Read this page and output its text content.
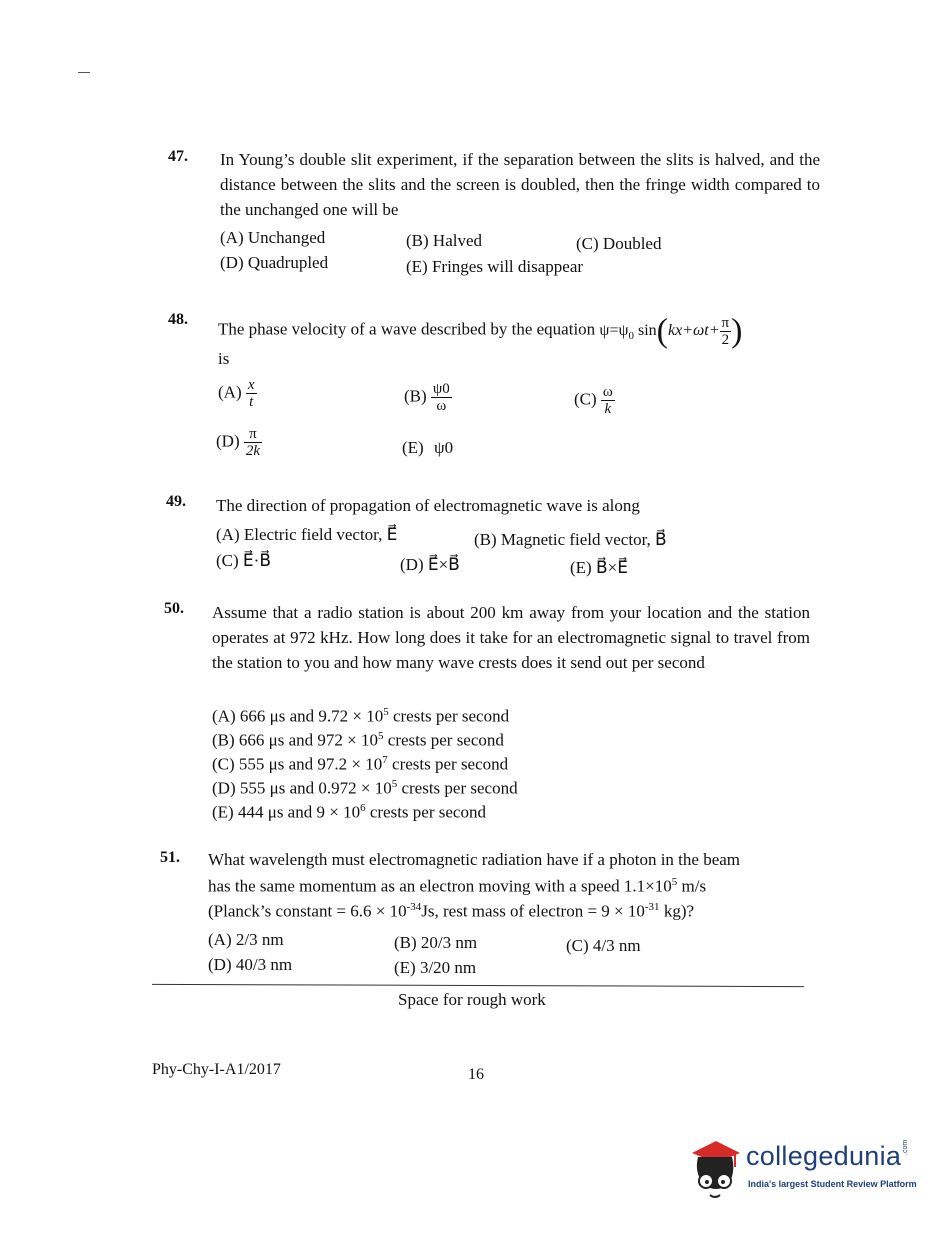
47. In Young’s double slit experiment, if the separation between the slits is halved, and the distance between the slits and the screen is doubled, then the fringe width compared to the unchanged one will be
(A) Unchanged	(B) Halved	(C) Doubled
(D) Quadrupled	(E) Fringes will disappear
48.
The phase velocity of a wave described by the equation $\psi=\psi_0$ $\sin(kx+\omega t+ \frac{\pi}{2}$ )
is
$(A) \frac{x}{t}$	$(B) \frac{\psi 0}{\omega}$	$(C) \frac{\omega}{k}$
$(D) \frac{\pi}{2k}$	(E) ψ0
49. The direction of propagation of electromagnetic wave is along
(A) Electric field vector, E⃗	(B) Magnetic field vector, B⃗
(C) E⃗·B⃗	(D) E⃗×B⃗	(E) B⃗×E⃗
50. Assume that a radio station is about 200 km away from your location and the station operates at 972 kHz. How long does it take for an electromagnetic signal to travel from the station to you and how many wave crests does it send out per second
(A) 666 μs and $9.72 \times 10^5$ crests per second
(B) 666 μs and $972 \times 10^5$ crests per second
(C) 555 μs and $97.2 \times 10^7$ crests per second
(D) 555 μs and $0.972 \times 10^5$ crests per second
(E) 444 μs and $9 \times 10^6$ crests per second
51. What wavelength must electromagnetic radiation have if a photon in the beam
has the same momentum as an electron moving with a speed $1.1\times 10^5$ m/s
(Planck’s constant = $6.6 \times 10^{-34}Js$, rest mass of electron = $9 \times 10^{-31}$ kg)?
(A) 2/3 nm	(B) 20/3 nm	(C) 4/3 nm
(D) 40/3 nm	(E) 3/20 nm
Space for rough work
Phy-Chy-I-A1/2017	16
collegedunia .com
India's largest Student Review Platform
